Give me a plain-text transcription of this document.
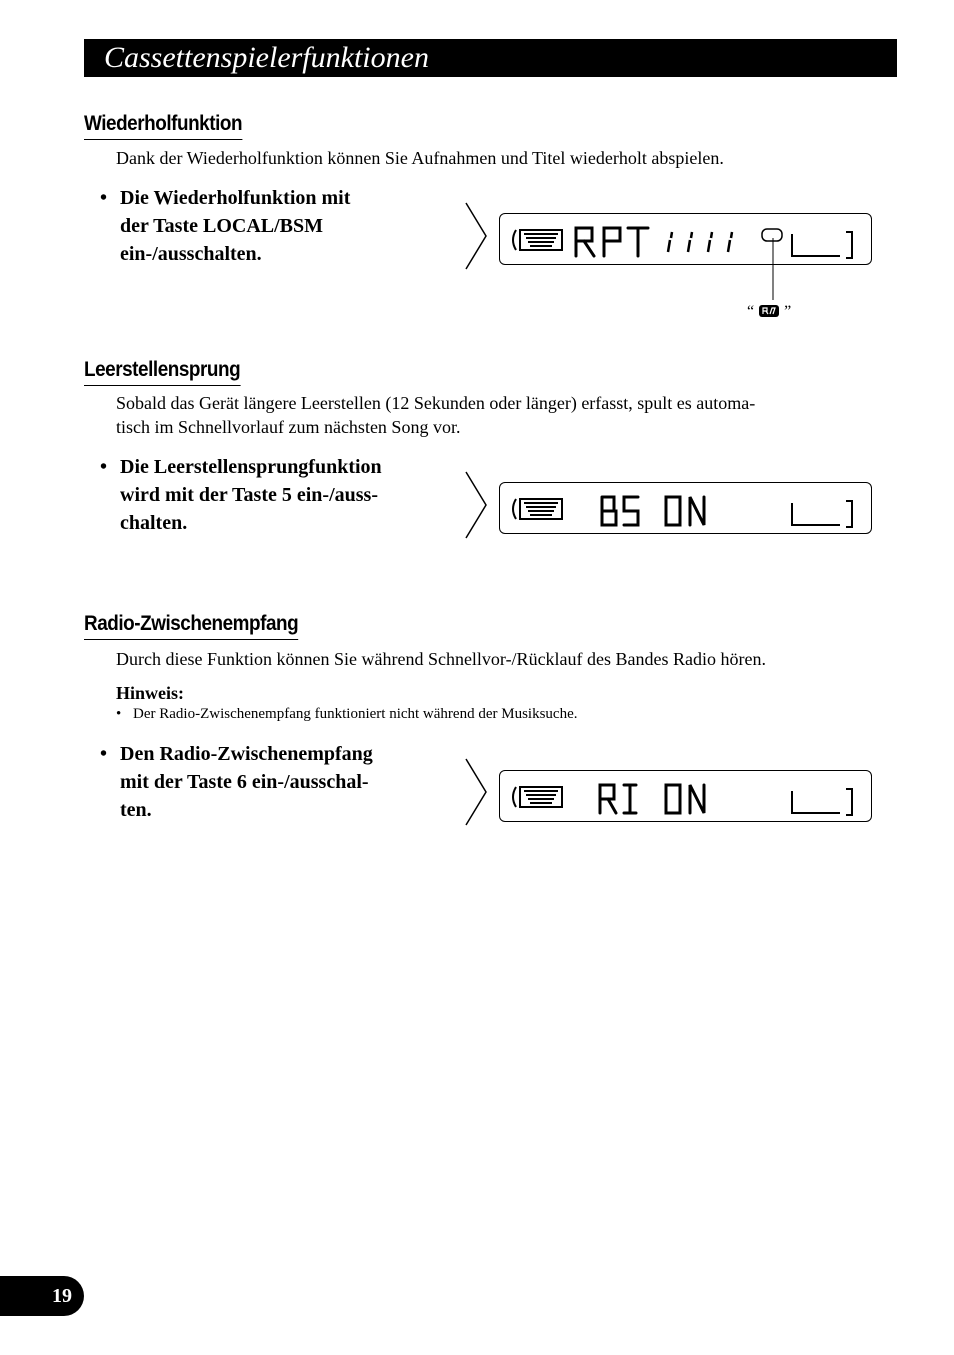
Cassettenspielerfunktionen
Wiederholfunktion
Dank der Wiederholfunktion können Sie Aufnahmen und Titel wiederholt abspielen.
• Die Wiederholfunktion mit
der Taste LOCAL/BSM
ein-/ausschalten.
“ ”
Leerstellensprung
Sobald das Gerät längere Leerstellen (12 Sekunden oder länger) erfasst, spult es automa-
tisch im Schnellvorlauf zum nächsten Song vor.
• Die Leerstellensprungfunktion
wird mit der Taste 5 ein-/auss-
chalten.
Radio-Zwischenempfang
Durch diese Funktion können Sie während Schnellvor-/Rücklauf des Bandes Radio hören.
Hinweis:
• Der Radio-Zwischenempfang funktioniert nicht während der Musiksuche.
• Den Radio-Zwischenempfang
mit der Taste 6 ein-/ausschal-
ten.
19
